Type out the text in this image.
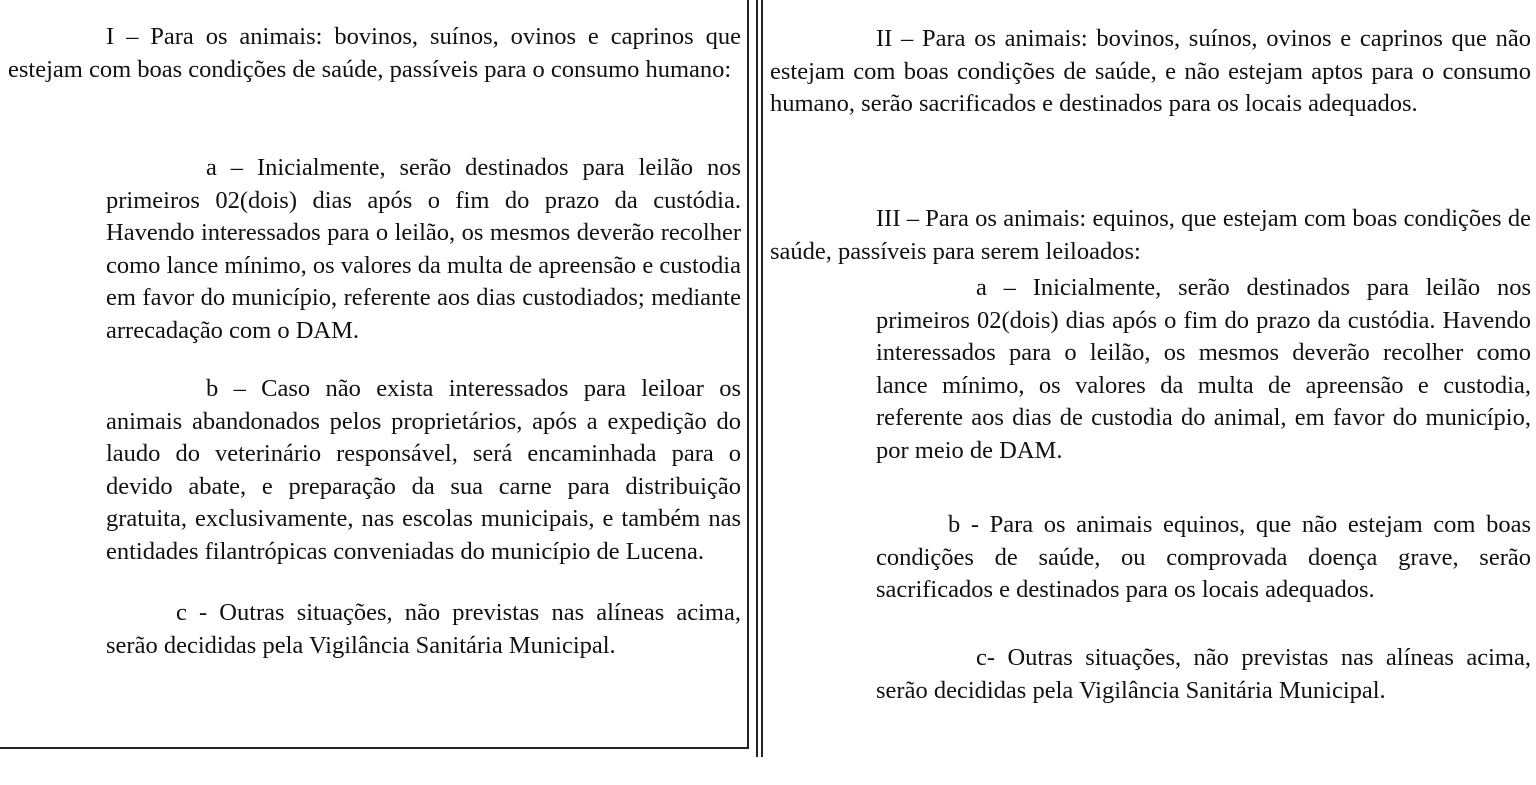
I – Para os animais: bovinos, suínos, ovinos e caprinos que estejam com boas condições de saúde, passíveis para o consumo humano:

a – Inicialmente, serão destinados para leilão nos primeiros 02(dois) dias após o fim do prazo da custódia. Havendo interessados para o leilão, os mesmos deverão recolher como lance mínimo, os valores da multa de apreensão e custodia em favor do município, referente aos dias custodiados; mediante arrecadação com o DAM.

b – Caso não exista interessados para leiloar os animais abandonados pelos proprietários, após a expedição do laudo do veterinário responsável, será encaminhada para o devido abate, e preparação da sua carne para distribuição gratuita, exclusivamente, nas escolas municipais, e também nas entidades filantrópicas conveniadas do município de Lucena.

c - Outras situações, não previstas nas alíneas acima, serão decididas pela Vigilância Sanitária Municipal.

II – Para os animais: bovinos, suínos, ovinos e caprinos que não estejam com boas condições de saúde, e não estejam aptos para o consumo humano, serão sacrificados e destinados para os locais adequados.

III – Para os animais: equinos, que estejam com boas condições de saúde, passíveis para serem leiloados:

a – Inicialmente, serão destinados para leilão nos primeiros 02(dois) dias após o fim do prazo da custódia. Havendo interessados para o leilão, os mesmos deverão recolher como lance mínimo, os valores da multa de apreensão e custodia, referente aos dias de custodia do animal, em favor do município, por meio de DAM.

b - Para os animais equinos, que não estejam com boas condições de saúde, ou comprovada doença grave, serão sacrificados e destinados para os locais adequados.

c- Outras situações, não previstas nas alíneas acima, serão decididas pela Vigilância Sanitária Municipal.
